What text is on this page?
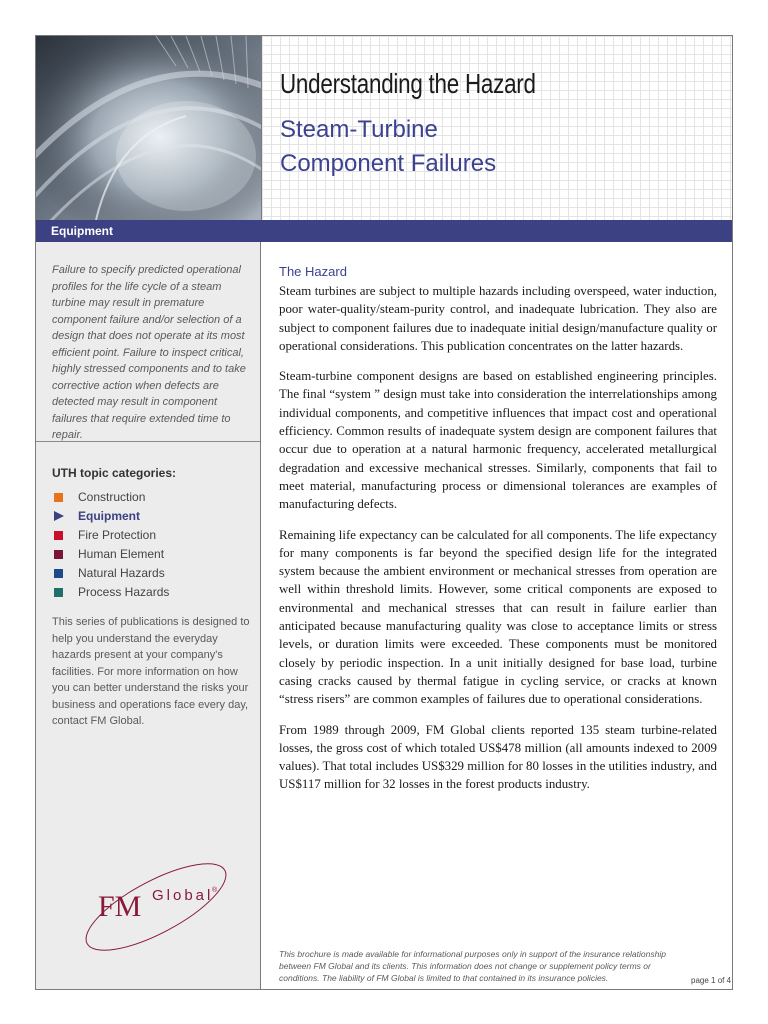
Understanding the Hazard
Steam-Turbine
Component Failures
Equipment
Failure to specify predicted operational profiles for the life cycle of a steam turbine may result in premature component failure and/or selection of a design that does not operate at its most efficient point. Failure to inspect critical, highly stressed components and to take corrective action when defects are detected may result in component failures that require extended time to repair.
UTH topic categories:
Construction
Equipment
Fire Protection
Human Element
Natural Hazards
Process Hazards
This series of publications is designed to help you understand the everyday hazards present at your company's facilities. For more information on how you can better understand the risks your business and operations face every day, contact FM Global.
FM Global
®
The Hazard

Steam turbines are subject to multiple hazards including overspeed, water induction, poor water-quality/steam-purity control, and inadequate lubrication. They also are subject to component failures due to inadequate initial design/manufacture quality or operational considerations. This publication concentrates on the latter hazards.

Steam-turbine component designs are based on established engineering principles. The final “system ” design must take into consideration the interrelationships among individual components, and competitive influences that impact cost and operational efficiency. Common results of inadequate system design are component failures that occur due to operation at a natural harmonic frequency, accelerated metallurgical degradation and excessive mechanical stresses. Similarly, components that fail to meet material, manufacturing process or dimensional tolerances are examples of manufacturing defects.

Remaining life expectancy can be calculated for all components. The life expectancy for many components is far beyond the specified design life for the integrated system because the ambient environment or mechanical stresses from operation are well within threshold limits. However, some critical components are exposed to environmental and mechanical stresses that can result in failure earlier than anticipated because manufacturing quality was close to acceptance limits or stress levels, or duration limits were exceeded. These components must be monitored closely by periodic inspection. In a unit initially designed for base load, turbine casing cracks caused by thermal fatigue in cycling service, or cracks at known “stress risers” are common examples of failures due to operational considerations.

From 1989 through 2009, FM Global clients reported 135 steam turbine-related losses, the gross cost of which totaled US$478 million (all amounts indexed to 2009 values). That total includes US$329 million for 80 losses in the utilities industry, and US$117 million for 32 losses in the forest products industry.

This brochure is made available for informational purposes only in support of the insurance relationship between FM Global and its clients. This information does not change or supplement policy terms or conditions. The liability of FM Global is limited to that contained in its insurance policies.	page 1 of 4
